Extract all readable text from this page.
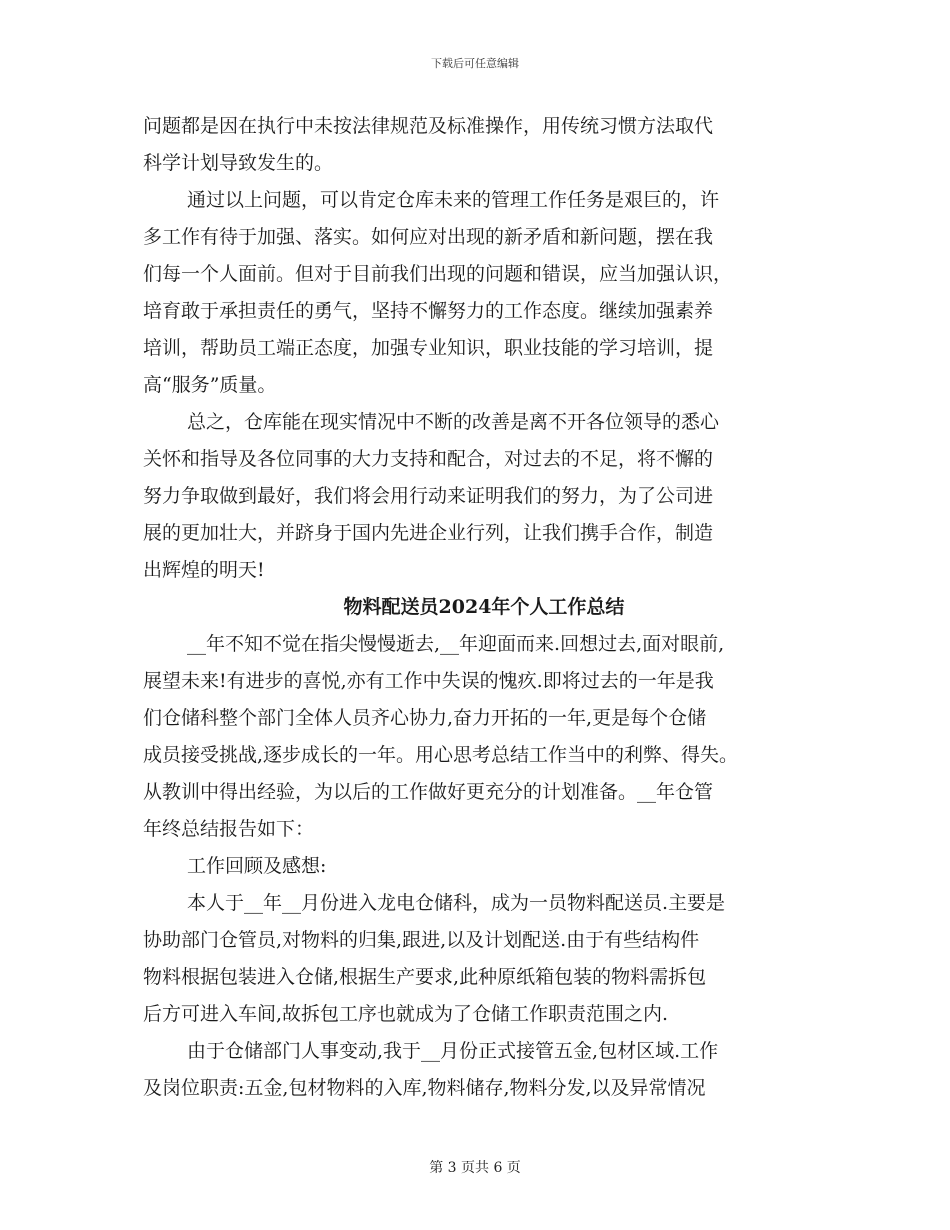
下载后可任意编辑
问题都是因在执行中未按法律规范及标准操作，用传统习惯方法取代
科学计划导致发生的。
通过以上问题，可以肯定仓库未来的管理工作任务是艰巨的，许
多工作有待于加强、落实。如何应对出现的新矛盾和新问题，摆在我
们每一个人面前。但对于目前我们出现的问题和错误，应当加强认识，
培育敢于承担责任的勇气，坚持不懈努力的工作态度。继续加强素养
培训，帮助员工端正态度，加强专业知识，职业技能的学习培训，提
高“服务”质量。
总之，仓库能在现实情况中不断的改善是离不开各位领导的悉心
关怀和指导及各位同事的大力支持和配合，对过去的不足，将不懈的
努力争取做到最好，我们将会用行动来证明我们的努力，为了公司进
展的更加壮大，并跻身于国内先进企业行列，让我们携手合作，制造
出辉煌的明天!
物料配送员2024年个人工作总结
__年不知不觉在指尖慢慢逝去,__年迎面而来.回想过去,面对眼前,
展望未来!有进步的喜悦,亦有工作中失误的愧疚.即将过去的一年是我
们仓储科整个部门全体人员齐心协力,奋力开拓的一年,更是每个仓储
成员接受挑战,逐步成长的一年。用心思考总结工作当中的利弊、得失。
从教训中得出经验，为以后的工作做好更充分的计划准备。__年仓管
年终总结报告如下：
工作回顾及感想:
本人于__年__月份进入龙电仓储科，成为一员物料配送员.主要是
协助部门仓管员,对物料的归集,跟进,以及计划配送.由于有些结构件
物料根据包装进入仓储,根据生产要求,此种原纸箱包装的物料需拆包
后方可进入车间,故拆包工序也就成为了仓储工作职责范围之内.
由于仓储部门人事变动,我于__月份正式接管五金,包材区域.工作
及岗位职责:五金,包材物料的入库,物料储存,物料分发,以及异常情况
第 3 页共 6 页
